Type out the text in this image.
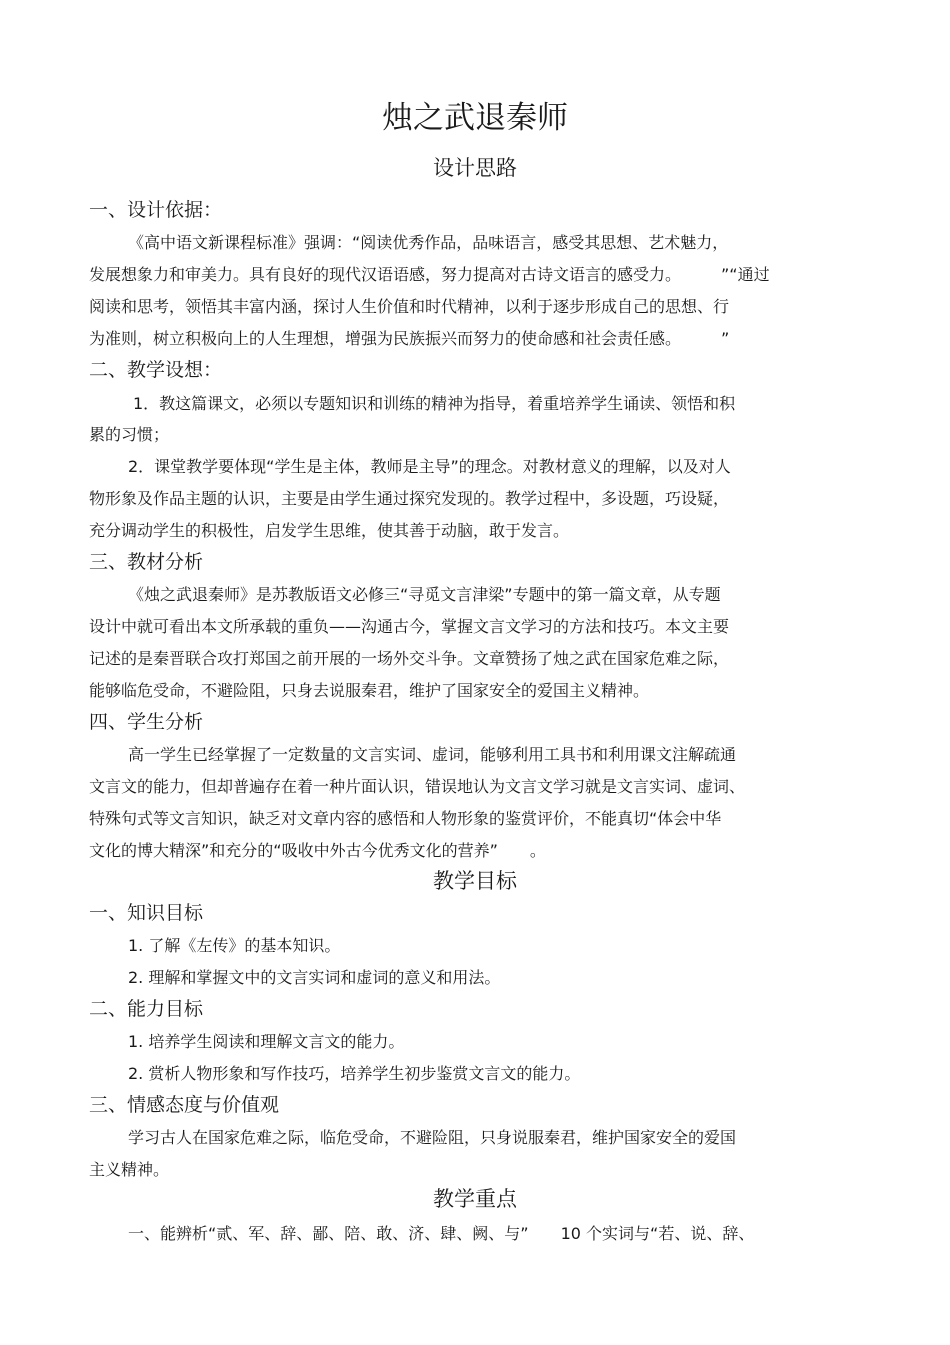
烛之武退秦师
设计思路
一、设计依据：
《高中语文新课程标准》强调：“阅读优秀作品，品味语言，感受其思想、艺术魅力，
发展想象力和审美力。具有良好的现代汉语语感，努力提高对古诗文语言的感受力。　　　”“通过
阅读和思考，领悟其丰富内涵，探讨人生价值和时代精神，以利于逐步形成自己的思想、行
为准则，树立积极向上的人生理想，增强为民族振兴而努力的使命感和社会责任感。　　　”
二、教学设想：
1．教这篇课文，必须以专题知识和训练的精神为指导，着重培养学生诵读、领悟和积
累的习惯；
2．课堂教学要体现“学生是主体，教师是主导”的理念。对教材意义的理解，以及对人
物形象及作品主题的认识，主要是由学生通过探究发现的。教学过程中，多设题，巧设疑，
充分调动学生的积极性，启发学生思维，使其善于动脑，敢于发言。
三、教材分析
《烛之武退秦师》是苏教版语文必修三“寻觅文言津梁”专题中的第一篇文章，从专题
设计中就可看出本文所承载的重负——沟通古今，掌握文言文学习的方法和技巧。本文主要
记述的是秦晋联合攻打郑国之前开展的一场外交斗争。文章赞扬了烛之武在国家危难之际，
能够临危受命，不避险阻，只身去说服秦君，维护了国家安全的爱国主义精神。
四、学生分析
高一学生已经掌握了一定数量的文言实词、虚词，能够利用工具书和利用课文注解疏通
文言文的能力，但却普遍存在着一种片面认识，错误地认为文言文学习就是文言实词、虚词、
特殊句式等文言知识，缺乏对文章内容的感悟和人物形象的鉴赏评价，不能真切“体会中华
文化的博大精深”和充分的“吸收中外古今优秀文化的营养”　　。
教学目标
一、知识目标
1. 了解《左传》的基本知识。
2. 理解和掌握文中的文言实词和虚词的意义和用法。
二、能力目标
1. 培养学生阅读和理解文言文的能力。
2. 赏析人物形象和写作技巧，培养学生初步鉴赏文言文的能力。
三、情感态度与价值观
学习古人在国家危难之际，临危受命，不避险阻，只身说服秦君，维护国家安全的爱国
主义精神。
教学重点
一、能辨析“贰、军、辞、鄙、陪、敢、济、肆、阙、与”　　10 个实词与“若、说、辞、
